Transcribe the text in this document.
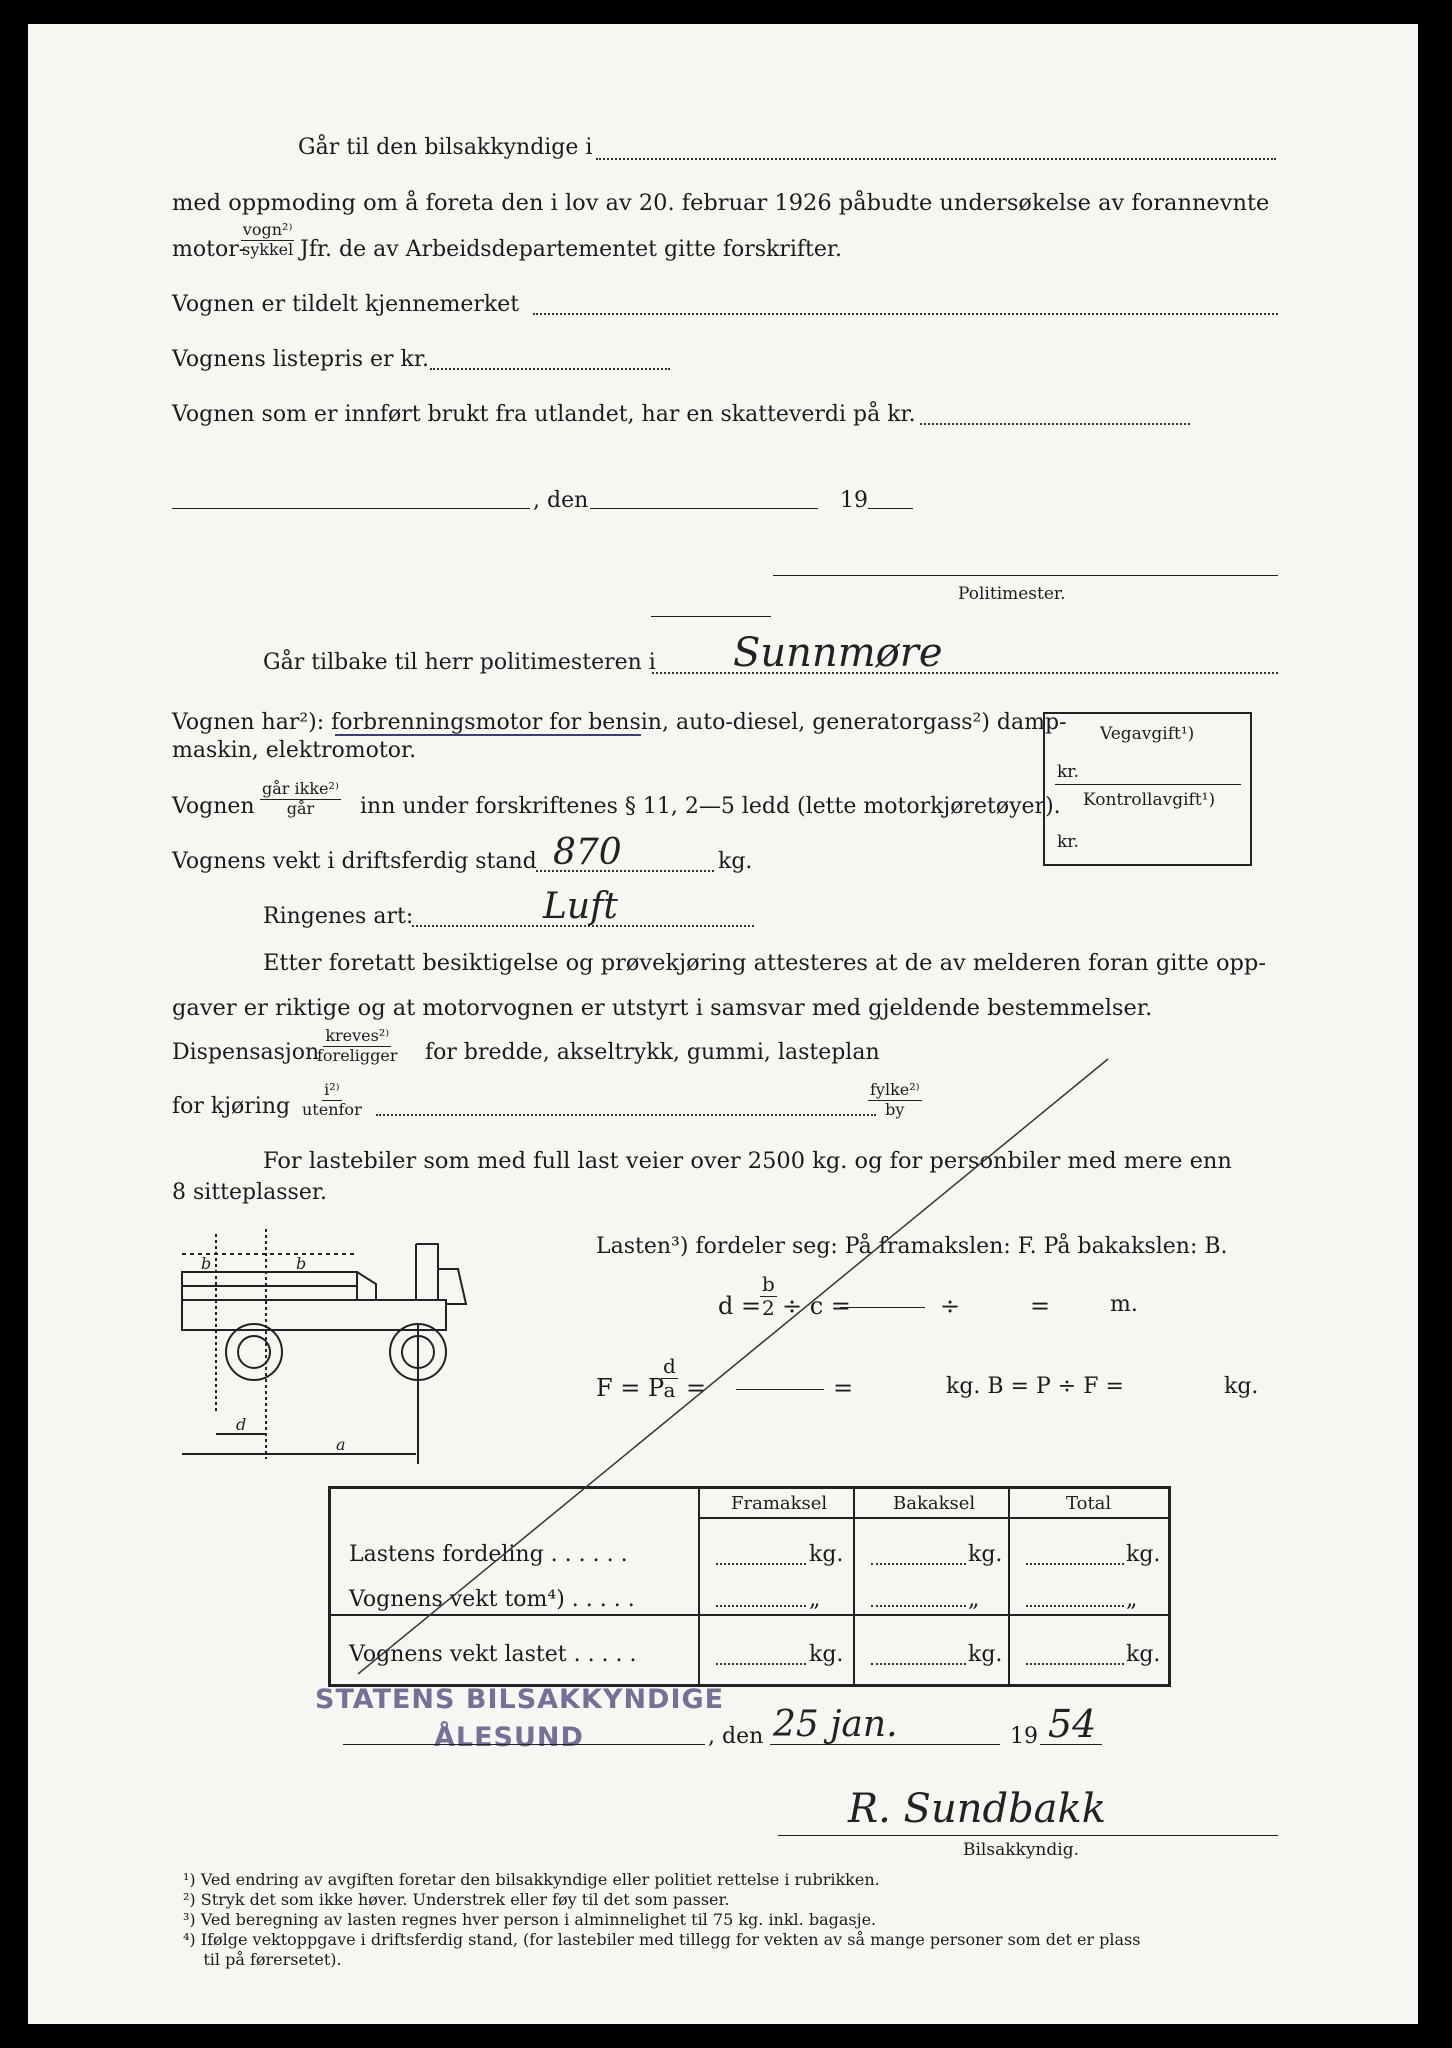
Går til den bilsakkyndige i
med oppmoding om å foreta den i lov av 20. februar 1926 påbudte undersøkelse av forannevnte
motor-
vogn²⁾
sykkel Jfr. de av Arbeidsdepartementet gitte forskrifter.
Vognen er tildelt kjennemerket
Vognens listepris er kr.
Vognen som er innført brukt fra utlandet, har en skatteverdi på kr.
, den	19
Politimester.
Går tilbake til herr politimesteren i Sunnmøre
Vognen har²): forbrenningsmotor for bensin, auto-diesel, generatorgass²) damp-
maskin, elektromotor.
Vognen
går ikke²⁾
går inn under forskriftenes § 11, 2—5 ledd (lette motorkjøretøyer).
Vognens vekt i driftsferdig stand 870	kg.
Vegavgift¹)
kr.
Kontrollavgift¹)
kr.
Ringenes art:	Luft
Etter foretatt besiktigelse og prøvekjøring attesteres at de av melderen foran gitte opp-
gaver er riktige og at motorvognen er utstyrt i samsvar med gjeldende bestemmelser.
Dispensasjon
kreves²⁾
foreligger for bredde, akseltrykk, gummi, lasteplan
for kjøring
i²⁾
utenfor
fylke²⁾
by
For lastebiler som med full last veier over 2500 kg. og for personbiler med mere enn
8 sitteplasser.
b	b
d
a
Lasten³) fordeler seg: På framakslen: F. På bakakslen: B.
d =
$\frac{b}{2} \div c$ =	÷	=	m.
F = P
$\frac{d}{a}$ =	=	kg. B = P ÷ F =	kg.
Framaksel	Bakaksel	Total
Lastens fordeling . . . . . .	kg.	kg.	kg.
Vognens vekt tom⁴) . . . . .	„	„	„
Vognens vekt lastet . . . . .	kg.	kg.	kg.
STATENS BILSAKKYNDIGE
ÅLESUND	, den 25 jan.	19 54
R. Sundbakk
Bilsakkyndig.
¹) Ved endring av avgiften foretar den bilsakkyndige eller politiet rettelse i rubrikken.
²) Stryk det som ikke høver. Understrek eller føy til det som passer.
³) Ved beregning av lasten regnes hver person i alminnelighet til 75 kg. inkl. bagasje.
⁴) Ifølge vektoppgave i driftsferdig stand, (for lastebiler med tillegg for vekten av så mange personer som det er plass
til på førersetet).
